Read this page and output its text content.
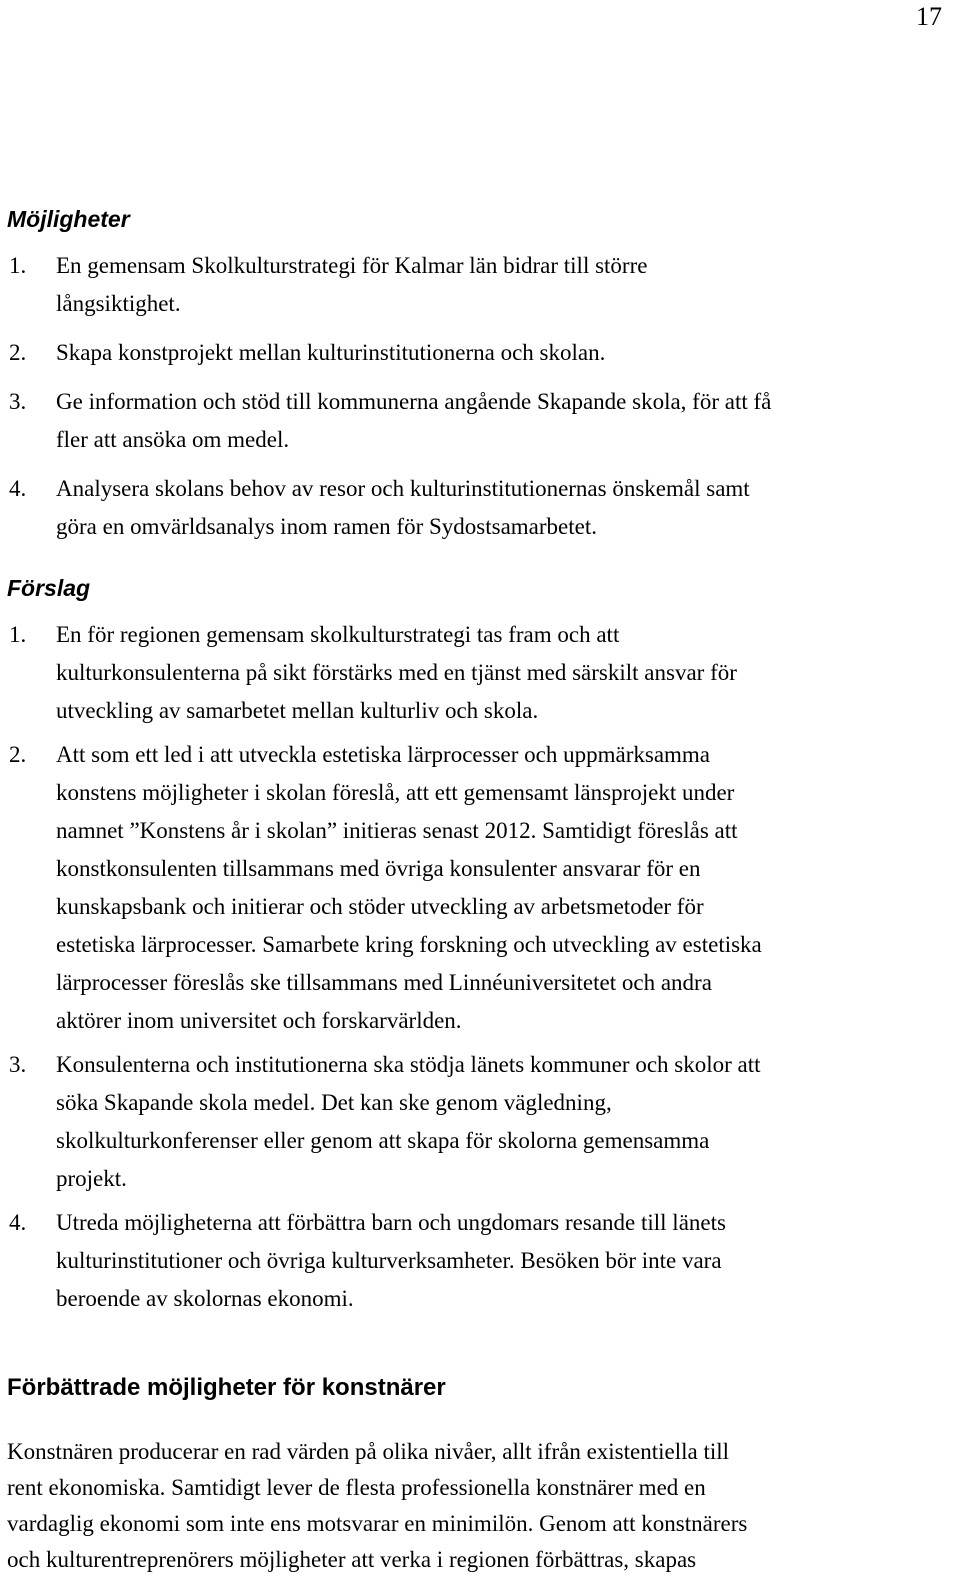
17
Möjligheter
1. En gemensam Skolkulturstrategi för Kalmar län bidrar till större
långsiktighet.
2. Skapa konstprojekt mellan kulturinstitutionerna och skolan.
3. Ge information och stöd till kommunerna angående Skapande skola, för att få
fler att ansöka om medel.
4. Analysera skolans behov av resor och kulturinstitutionernas önskemål samt
göra en omvärldsanalys inom ramen för Sydostsamarbetet.
Förslag
1. En för regionen gemensam skolkulturstrategi tas fram och att
kulturkonsulenterna på sikt förstärks med en tjänst med särskilt ansvar för
utveckling av samarbetet mellan kulturliv och skola.
2. Att som ett led i att utveckla estetiska lärprocesser och uppmärksamma
konstens möjligheter i skolan föreslå, att ett gemensamt länsprojekt under
namnet ”Konstens år i skolan” initieras senast 2012. Samtidigt föreslås att
konstkonsulenten tillsammans med övriga konsulenter ansvarar för en
kunskapsbank och initierar och stöder utveckling av arbetsmetoder för
estetiska lärprocesser. Samarbete kring forskning och utveckling av estetiska
lärprocesser föreslås ske tillsammans med Linnéuniversitetet och andra
aktörer inom universitet och forskarvärlden.
3. Konsulenterna och institutionerna ska stödja länets kommuner och skolor att
söka Skapande skola medel. Det kan ske genom vägledning,
skolkulturkonferenser eller genom att skapa för skolorna gemensamma
projekt.
4. Utreda möjligheterna att förbättra barn och ungdomars resande till länets
kulturinstitutioner och övriga kulturverksamheter. Besöken bör inte vara
beroende av skolornas ekonomi.
Förbättrade möjligheter för konstnärer
Konstnären producerar en rad värden på olika nivåer, allt ifrån existentiella till
rent ekonomiska. Samtidigt lever de flesta professionella konstnärer med en
vardaglig ekonomi som inte ens motsvarar en minimilön. Genom att konstnärers
och kulturentreprenörers möjligheter att verka i regionen förbättras, skapas
